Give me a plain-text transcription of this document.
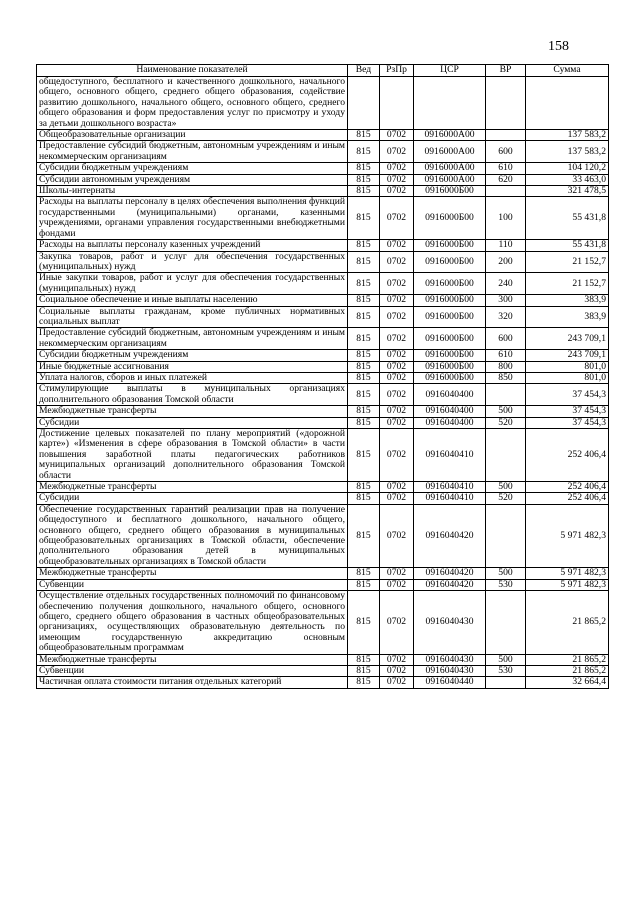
158
Наименование показателей	Вед	РзПр	ЦСР	ВР	Сумма
общедоступного, бесплатного и качественного дошкольного, начального общего, основного общего, среднего общего образования, содействие развитию дошкольного, начального общего, основного общего, среднего общего образования и форм предоставления услуг по присмотру и уходу за детьми дошкольного возраста»					
Общеобразовательные организации	815	0702	0916000А00		137 583,2
Предоставление субсидий бюджетным, автономным учреждениям и иным некоммерческим организациям	815	0702	0916000А00	600	137 583,2
Субсидии бюджетным учреждениям	815	0702	0916000А00	610	104 120,2
Субсидии автономным учреждениям	815	0702	0916000А00	620	33 463,0
Школы-интернаты	815	0702	0916000Б00		321 478,5
Расходы на выплаты персоналу в целях обеспечения выполнения функций государственными (муниципальными) органами, казенными учреждениями, органами управления государственными внебюджетными фондами	815	0702	0916000Б00	100	55 431,8
Расходы на выплаты персоналу казенных учреждений	815	0702	0916000Б00	110	55 431,8
Закупка товаров, работ и услуг для обеспечения государственных (муниципальных) нужд	815	0702	0916000Б00	200	21 152,7
Иные закупки товаров, работ и услуг для обеспечения государственных (муниципальных) нужд	815	0702	0916000Б00	240	21 152,7
Социальное обеспечение и иные выплаты населению	815	0702	0916000Б00	300	383,9
Социальные выплаты гражданам, кроме публичных нормативных социальных выплат	815	0702	0916000Б00	320	383,9
Предоставление субсидий бюджетным, автономным учреждениям и иным некоммерческим организациям	815	0702	0916000Б00	600	243 709,1
Субсидии бюджетным учреждениям	815	0702	0916000Б00	610	243 709,1
Иные бюджетные ассигнования	815	0702	0916000Б00	800	801,0
Уплата налогов, сборов и иных платежей	815	0702	0916000Б00	850	801,0
Стимулирующие выплаты в муниципальных организациях дополнительного образования Томской области	815	0702	0916040400		37 454,3
Межбюджетные трансферты	815	0702	0916040400	500	37 454,3
Субсидии	815	0702	0916040400	520	37 454,3
Достижение целевых показателей по плану мероприятий («дорожной карте») «Изменения в сфере образования в Томской области» в части повышения заработной платы педагогических работников муниципальных организаций дополнительного образования Томской области	815	0702	0916040410		252 406,4
Межбюджетные трансферты	815	0702	0916040410	500	252 406,4
Субсидии	815	0702	0916040410	520	252 406,4
Обеспечение государственных гарантий реализации прав на получение общедоступного и бесплатного дошкольного, начального общего, основного общего, среднего общего образования в муниципальных общеобразовательных организациях в Томской области, обеспечение дополнительного образования детей в муниципальных общеобразовательных организациях в Томской области	815	0702	0916040420		5 971 482,3
Межбюджетные трансферты	815	0702	0916040420	500	5 971 482,3
Субвенции	815	0702	0916040420	530	5 971 482,3
Осуществление отдельных государственных полномочий по финансовому обеспечению получения дошкольного, начального общего, основного общего, среднего общего образования в частных общеобразовательных организациях, осуществляющих образовательную деятельность по имеющим государственную аккредитацию основным общеобразовательным программам	815	0702	0916040430		21 865,2
Межбюджетные трансферты	815	0702	0916040430	500	21 865,2
Субвенции	815	0702	0916040430	530	21 865,2
Частичная оплата стоимости питания отдельных категорий	815	0702	0916040440		32 664,4
